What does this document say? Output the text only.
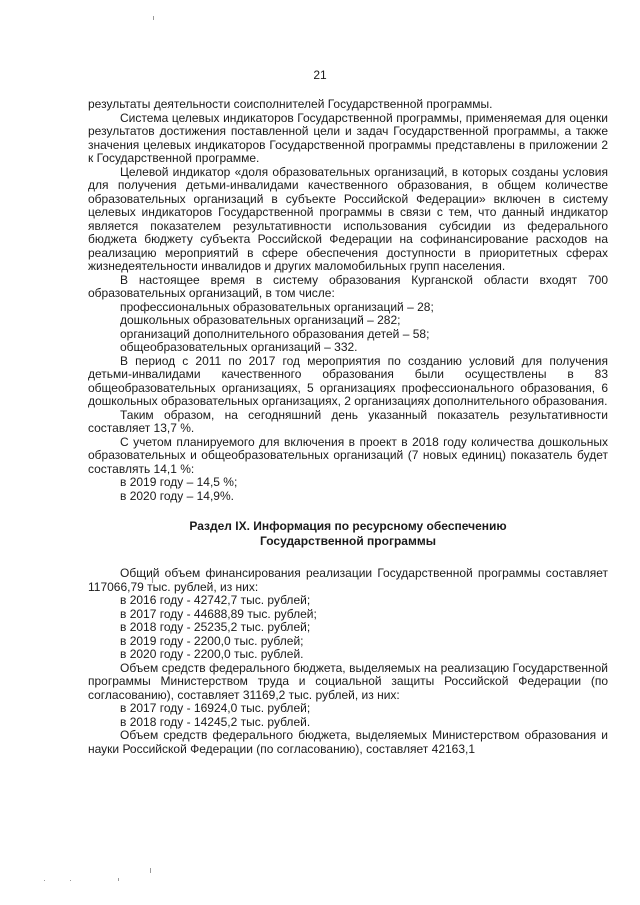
21

результаты деятельности соисполнителей Государственной программы.

Система целевых индикаторов Государственной программы, применяемая для оценки результатов достижения поставленной цели и задач Государственной программы, а также значения целевых индикаторов Государственной программы представлены в приложении 2 к Государственной программе.

Целевой индикатор «доля образовательных организаций, в которых созданы условия для получения детьми-инвалидами качественного образования, в общем количестве образовательных организаций в субъекте Российской Федерации» включен в систему целевых индикаторов Государственной программы в связи с тем, что данный индикатор является показателем результативности использования субсидии из федерального бюджета бюджету субъекта Российской Федерации на софинансирование расходов на реализацию мероприятий в сфере обеспечения доступности в приоритетных сферах жизнедеятельности инвалидов и других маломобильных групп населения.

В настоящее время в систему образования Курганской области входят 700 образовательных организаций, в том числе:

профессиональных образовательных организаций – 28;

дошкольных образовательных организаций – 282;

организаций дополнительного образования детей – 58;

общеобразовательных организаций – 332.

В период с 2011 по 2017 год мероприятия по созданию условий для получения детьми-инвалидами качественного образования были осуществлены в 83 общеобразовательных организациях, 5 организациях профессионального образования, 6 дошкольных образовательных организациях, 2 организациях дополнительного образования.

Таким образом, на сегодняшний день указанный показатель результативности составляет 13,7 %.

С учетом планируемого для включения в проект в 2018 году количества дошкольных образовательных и общеобразовательных организаций (7 новых единиц) показатель будет составлять 14,1 %:

в 2019 году – 14,5 %;

в 2020 году – 14,9%.

Раздел IX. Информация по ресурсному обеспечению
Государственной программы

Общий объем финансирования реализации Государственной программы составляет 117066,79 тыс. рублей, из них:

в 2016 году - 42742,7 тыс. рублей;

в 2017 году - 44688,89 тыс. рублей;

в 2018 году - 25235,2 тыс. рублей;

в 2019 году - 2200,0 тыс. рублей;

в 2020 году - 2200,0 тыс. рублей.

Объем средств федерального бюджета, выделяемых на реализацию Государственной программы Министерством труда и социальной защиты Российской Федерации (по согласованию), составляет 31169,2 тыс. рублей, из них:

в 2017 году - 16924,0 тыс. рублей;

в 2018 году - 14245,2 тыс. рублей.

Объем средств федерального бюджета, выделяемых Министерством образования и науки Российской Федерации (по согласованию), составляет 42163,1
